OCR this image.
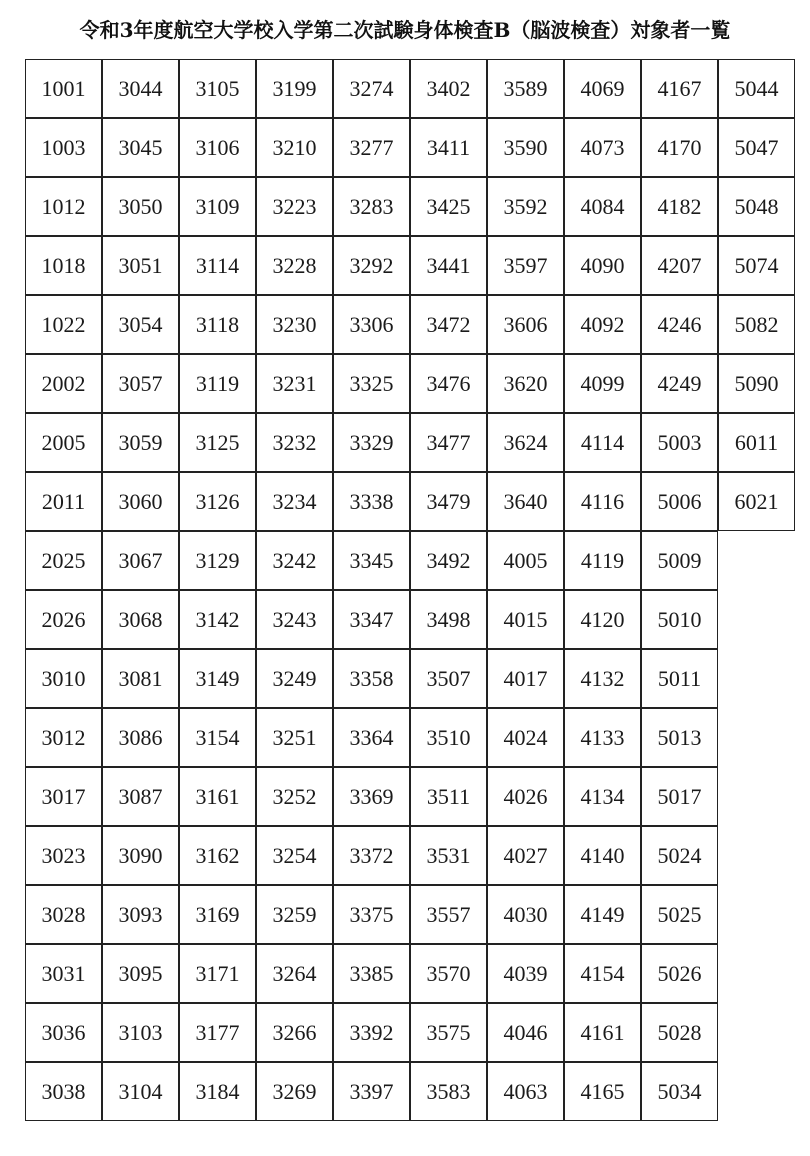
令和3年度航空大学校入学第二次試験身体検査B（脳波検査）対象者一覧
1001
1003
1012
1018
1022
2002
2005
2011
2025
2026
3010
3012
3017
3023
3028
3031
3036
3038
3044
3045
3050
3051
3054
3057
3059
3060
3067
3068
3081
3086
3087
3090
3093
3095
3103
3104
3105
3106
3109
3114
3118
3119
3125
3126
3129
3142
3149
3154
3161
3162
3169
3171
3177
3184
3199
3210
3223
3228
3230
3231
3232
3234
3242
3243
3249
3251
3252
3254
3259
3264
3266
3269
3274
3277
3283
3292
3306
3325
3329
3338
3345
3347
3358
3364
3369
3372
3375
3385
3392
3397
3402
3411
3425
3441
3472
3476
3477
3479
3492
3498
3507
3510
3511
3531
3557
3570
3575
3583
3589
3590
3592
3597
3606
3620
3624
3640
4005
4015
4017
4024
4026
4027
4030
4039
4046
4063
4069
4073
4084
4090
4092
4099
4114
4116
4119
4120
4132
4133
4134
4140
4149
4154
4161
4165
4167
4170
4182
4207
4246
4249
5003
5006
5009
5010
5011
5013
5017
5024
5025
5026
5028
5034
5044
5047
5048
5074
5082
5090
6011
6021
